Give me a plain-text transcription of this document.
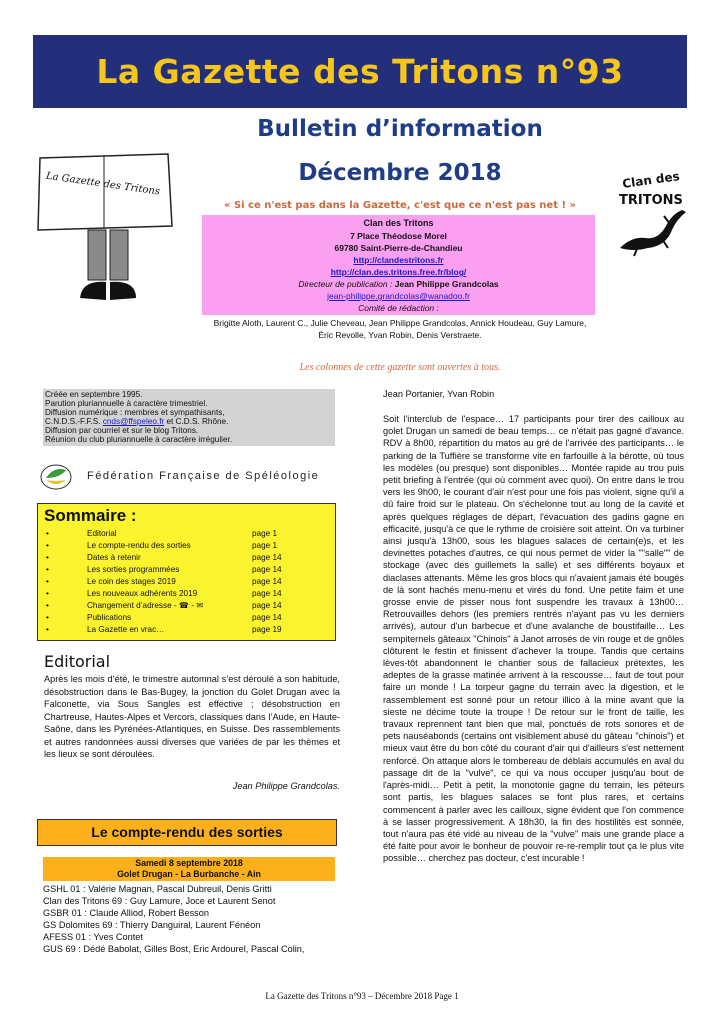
La Gazette des Tritons n°93
La Gazette des Tritons	Clan des
TRITONS
Bulletin d’information
Décembre 2018
« Si ce n'est pas dans la Gazette, c'est que ce n'est pas net ! »
Clan des Tritons
7 Place Théodose Morel
69780 Saint-Pierre-de-Chandieu
http://clandestritons.fr
http://clan.des.tritons.free.fr/blog/
Directeur de publication : Jean Philippe Grandcolas
jean-philippe.grandcolas@wanadoo.fr
Comité de rédaction :
Brigitte Aloth, Laurent C., Julie Cheveau, Jean Philippe Grandcolas, Annick Houdeau, Guy Lamure,
Éric Revolle, Yvan Robin, Denis Verstraete.
Les colonnes de cette gazette sont ouvertes à tous.
Créée en septembre 1995.
Parution pluriannuelle à caractère trimestriel.
Diffusion numérique : membres et sympathisants,
C.N.D.S.-F.F.S. cnds@ffspeleo.fr et C.D.S. Rhône.
Diffusion par courriel et sur le blog Tritons.
Réunion du club pluriannuelle à caractère irrégulier.
Fédération Française de Spéléologie
Sommaire :
•	Editorial	page 1
•	Le compte-rendu des sorties	page 1
•	Dates à retenir	page 14
•	Les sorties programmées	page 14
•	Le coin des stages 2019	page 14
•	Les nouveaux adhérents 2019	page 14
•	Changement d’adresse - ☎ - ✉	page 14
•	Publications	page 14
•	La Gazette en vrac…	page 19
Editorial
Après les mois d’été, le trimestre automnal s’est déroulé à son habitude, désobstruction dans le Bas-Bugey, la jonction du Golet Drugan avec la Falconette, via Sous Sangles est effective ; désobstruction en Chartreuse, Hautes-Alpes et Vercors, classiques dans l’Aude, en Haute-Saône, dans les Pyrénées-Atlantiques, en Suisse. Des rassemblements et autres randonnées aussi diverses que variées de par les thèmes et les lieux se sont déroulées.
Jean Philippe Grandcolas.
Le compte-rendu des sorties
Samedi 8 septembre 2018
Golet Drugan - La Burbanche - Ain
GSHL 01 : Valérie Magnan, Pascal Dubreuil, Denis Gritti
Clan des Tritons 69 : Guy Lamure, Joce et Laurent Senot
GSBR 01 : Claude Alliod, Robert Besson
GS Dolomites 69 : Thierry Danguiral, Laurent Fénéon
AFESS 01 : Yves Contet
GUS 69 : Dédé Babolat, Gilles Bost, Eric Ardourel, Pascal Colin,
Jean Portanier, Yvan Robin
Soit l'interclub de l'espace… 17 participants pour tirer des cailloux au golet Drugan un samedi de beau temps… ce n'était pas gagné d'avance. RDV à 8h00, répartition du matos au gré de l'arrivée des participants… le parking de la Tuffière se transforme vite en farfouille à la bérotte, où tous les modèles (ou presque) sont disponibles… Montée rapide au trou puis petit briefing à l'entrée (qui où comment avec quoi). On entre dans le trou vers les 9h00, le courant d'air n'est pour une fois pas violent, signe qu'il a dû faire froid sur le plateau. On s'échelonne tout au long de la cavité et après quelques réglages de départ, l'évacuation des gadins gagne en efficacité, jusqu'à ce que le rythme de croisière soit atteint. On va turbiner ainsi jusqu'à 13h00, sous les blagues salaces de certain(e)s, et les devinettes potaches d'autres, ce qui nous permet de vider la ""salle"" de stockage (avec des guillemets la salle) et ses différents boyaux et diaclases attenants. Même les gros blocs qui n'avaient jamais été bougés de là sont hachés menu-menu et virés du fond. Une petite faim et une grosse envie de pisser nous font suspendre les travaux à 13h00… Retrouvailles dehors (les premiers rentrés n'ayant pas vu les derniers arrivés), autour d'un barbecue et d'une avalanche de boustifaille… Les sempiternels gâteaux "Chinois" à Janot arrosés de vin rouge et de gnôles clôturent le festin et finissent d'achever la troupe. Tandis que certains lèves-tôt abandonnent le chantier sous de fallacieux prétextes, les adeptes de la grasse matinée arrivent à la rescousse… faut de tout pour faire un monde ! La torpeur gagne du terrain avec la digestion, et le rassemblement est sonné pour un retour illico à la mine avant que la sieste ne décime toute la troupe ! De retour sur le front de taille, les travaux reprennent tant bien que mal, ponctués de rots sonores et de pets nauséabonds (certains ont visiblement abusé du gâteau "chinois") et mieux vaut être du bon côté du courant d'air qui d'ailleurs s'est nettement renforcé. On attaque alors le tombereau de déblais accumulés en aval du passage dit de la "vulve", ce qui va nous occuper jusqu'au bout de l'après-midi… Petit à petit, la monotonie gagne du terrain, les péteurs sont partis, les blagues salaces se font plus rares, et certains commencent à parler avec les cailloux, signe évident que l'on commence à se lasser progressivement. A 18h30, la fin des hostilités est sonnée, tout n'aura pas été vidé au niveau de la "vulve" mais une grande place a été faite pour avoir le bonheur de pouvoir re-re-remplir tout ça le plus vite possible… cherchez pas docteur, c'est incurable !
La Gazette des Tritons n°93 – Décembre 2018 Page 1
